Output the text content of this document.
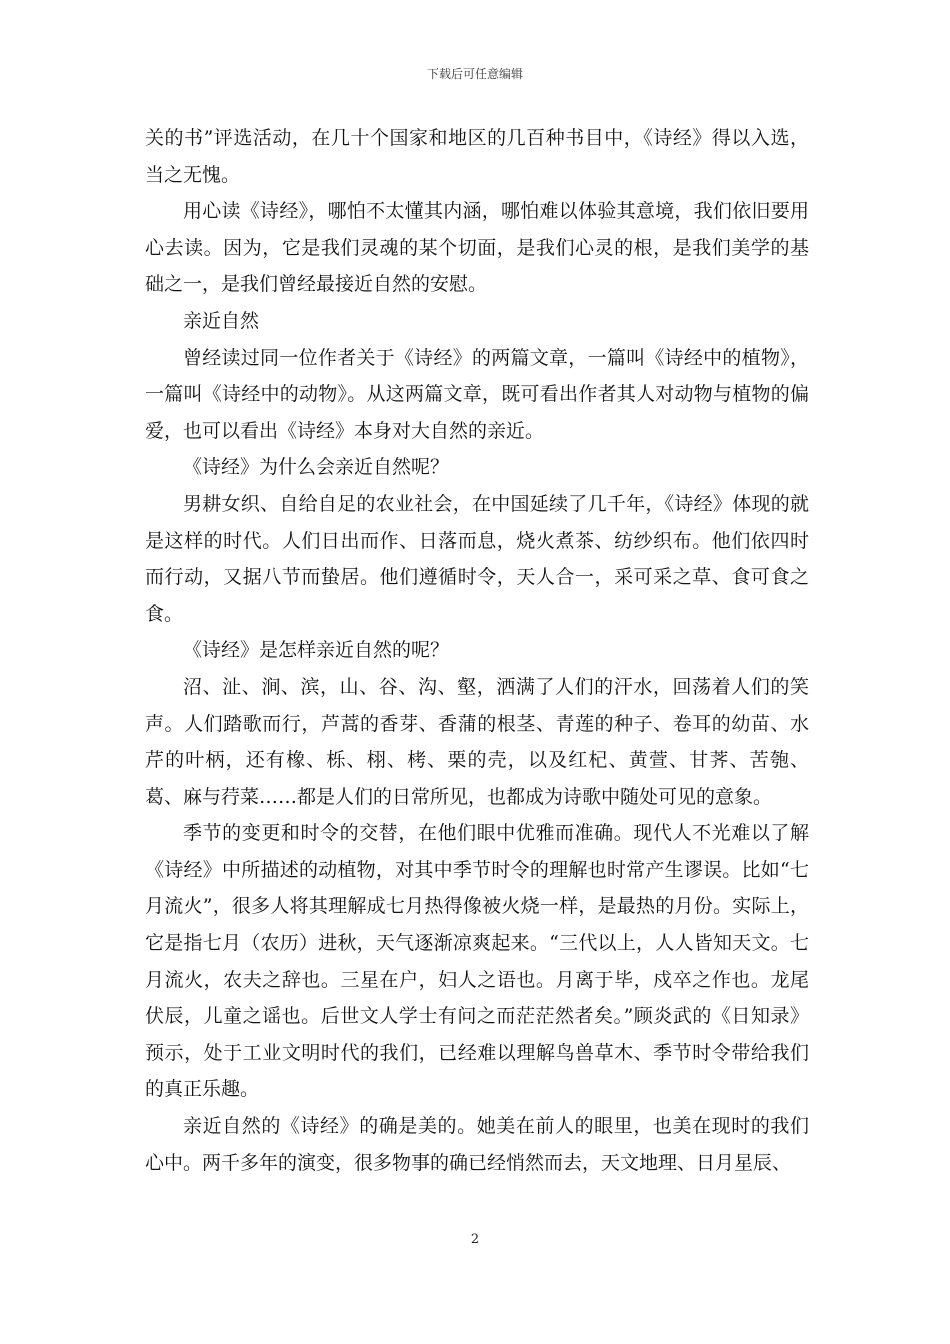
下载后可任意编辑

关的书”评选活动，在几十个国家和地区的几百种书目中，《诗经》得以入选，当之无愧。

用心读《诗经》，哪怕不太懂其内涵，哪怕难以体验其意境，我们依旧要用心去读。因为，它是我们灵魂的某个切面，是我们心灵的根，是我们美学的基础之一，是我们曾经最接近自然的安慰。

亲近自然

曾经读过同一位作者关于《诗经》的两篇文章，一篇叫《诗经中的植物》，一篇叫《诗经中的动物》。从这两篇文章，既可看出作者其人对动物与植物的偏爱，也可以看出《诗经》本身对大自然的亲近。

《诗经》为什么会亲近自然呢？

男耕女织、自给自足的农业社会，在中国延续了几千年，《诗经》体现的就是这样的时代。人们日出而作、日落而息，烧火煮茶、纺纱织布。他们依四时而行动，又据八节而蛰居。他们遵循时令，天人合一，采可采之草、食可食之食。

《诗经》是怎样亲近自然的呢？

沼、沚、涧、滨，山、谷、沟、壑，洒满了人们的汗水，回荡着人们的笑声。人们踏歌而行，芦蒿的香芽、香蒲的根茎、青莲的种子、卷耳的幼苗、水芹的叶柄，还有橡、栎、栩、栲、栗的壳，以及红杞、黄萱、甘荠、苦匏、葛、麻与荇菜……都是人们的日常所见，也都成为诗歌中随处可见的意象。

季节的变更和时令的交替，在他们眼中优雅而准确。现代人不光难以了解《诗经》中所描述的动植物，对其中季节时令的理解也时常产生谬误。比如“七月流火”，很多人将其理解成七月热得像被火烧一样，是最热的月份。实际上，它是指七月（农历）进秋，天气逐渐凉爽起来。“三代以上，人人皆知天文。七月流火，农夫之辞也。三星在户，妇人之语也。月离于毕，戍卒之作也。龙尾伏辰，儿童之谣也。后世文人学士有问之而茫茫然者矣。”顾炎武的《日知录》预示，处于工业文明时代的我们，已经难以理解鸟兽草木、季节时令带给我们的真正乐趣。

亲近自然的《诗经》的确是美的。她美在前人的眼里，也美在现时的我们心中。两千多年的演变，很多物事的确已经悄然而去，天文地理、日月星辰、

2
